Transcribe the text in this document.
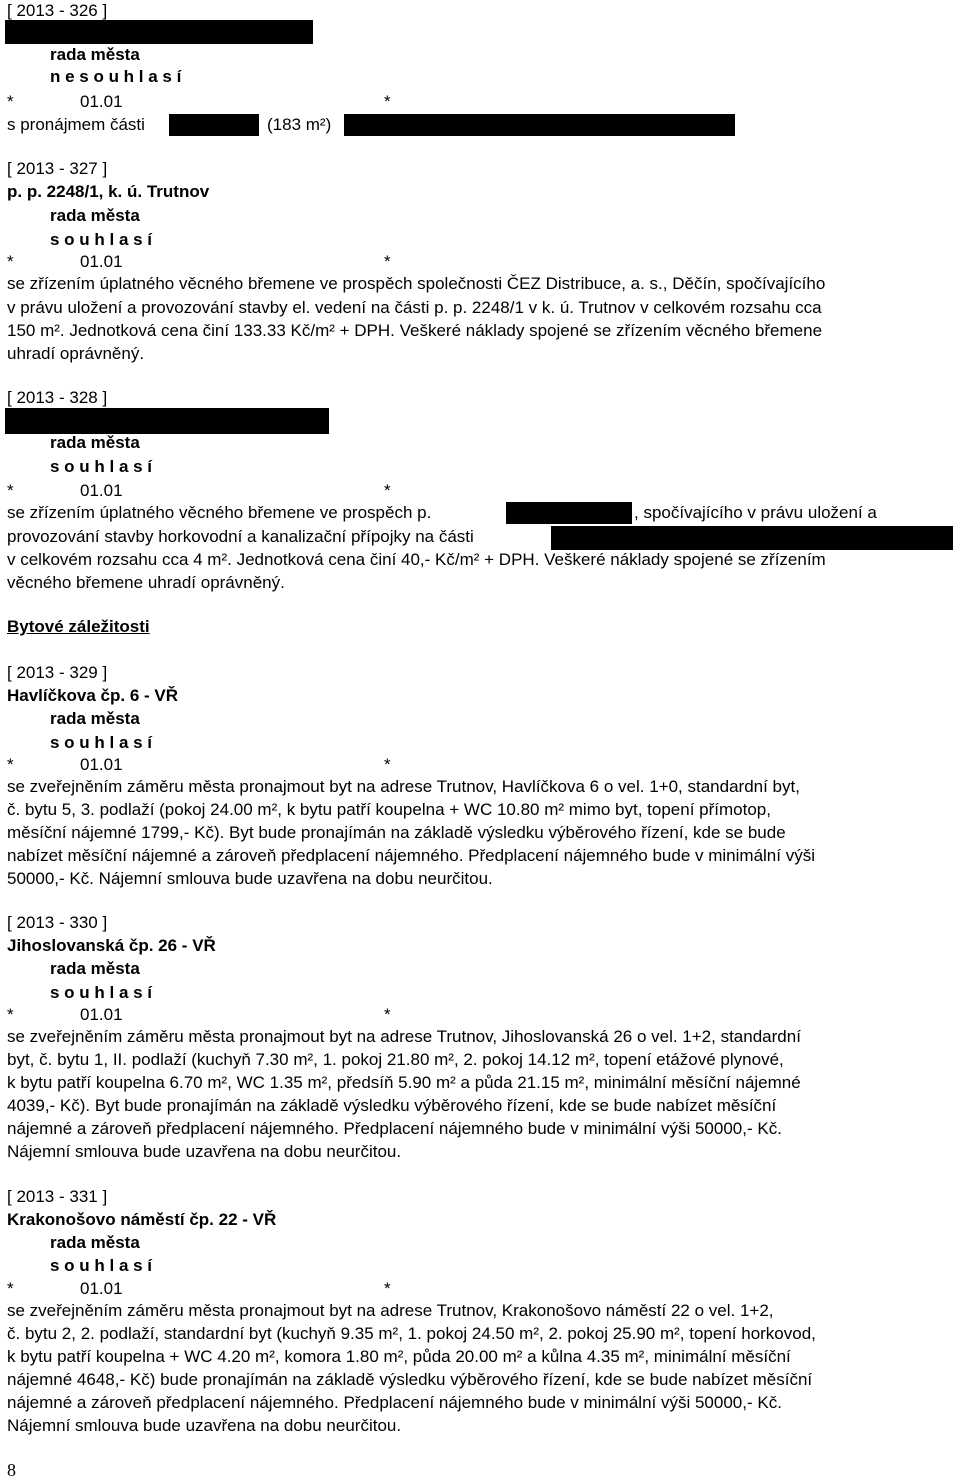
[ 2013 - 326 ]
rada města
n e s o u h l a s í
*	01.01	*
s pronájmem části	(183 m²)
[ 2013 - 327 ]
p. p. 2248/1, k. ú. Trutnov
rada města
s o u h l a s í
*	01.01	*
se zřízením úplatného věcného břemene ve prospěch společnosti ČEZ Distribuce, a. s., Děčín, spočívajícího
v právu uložení a provozování stavby el. vedení na části p. p. 2248/1 v k. ú. Trutnov v celkovém rozsahu cca
150 m². Jednotková cena činí 133.33 Kč/m² + DPH. Veškeré náklady spojené se zřízením věcného břemene
uhradí oprávněný.
[ 2013 - 328 ]
rada města
s o u h l a s í
*	01.01	*
se zřízením úplatného věcného břemene ve prospěch p.	, spočívajícího v právu uložení a
provozování stavby horkovodní a kanalizační přípojky na části
v celkovém rozsahu cca 4 m². Jednotková cena činí 40,- Kč/m² + DPH. Veškeré náklady spojené se zřízením
věcného břemene uhradí oprávněný.
Bytové záležitosti
[ 2013 - 329 ]
Havlíčkova čp. 6 - VŘ
rada města
s o u h l a s í
*	01.01	*
se zveřejněním záměru města pronajmout byt na adrese Trutnov, Havlíčkova 6 o vel. 1+0, standardní byt,
č. bytu 5, 3. podlaží (pokoj 24.00 m², k bytu patří koupelna + WC 10.80 m² mimo byt, topení přímotop,
měsíční nájemné 1799,- Kč). Byt bude pronajímán na základě výsledku výběrového řízení, kde se bude
nabízet měsíční nájemné a zároveň předplacení nájemného. Předplacení nájemného bude v minimální výši
50000,- Kč. Nájemní smlouva bude uzavřena na dobu neurčitou.
[ 2013 - 330 ]
Jihoslovanská čp. 26 - VŘ
rada města
s o u h l a s í
*	01.01	*
se zveřejněním záměru města pronajmout byt na adrese Trutnov, Jihoslovanská 26 o vel. 1+2, standardní
byt, č. bytu 1, II. podlaží (kuchyň 7.30 m², 1. pokoj 21.80 m², 2. pokoj 14.12 m², topení etážové plynové,
k bytu patří koupelna 6.70 m², WC 1.35 m², předsíň 5.90 m² a půda 21.15 m², minimální měsíční nájemné
4039,- Kč). Byt bude pronajímán na základě výsledku výběrového řízení, kde se bude nabízet měsíční
nájemné a zároveň předplacení nájemného. Předplacení nájemného bude v minimální výši 50000,- Kč.
Nájemní smlouva bude uzavřena na dobu neurčitou.
[ 2013 - 331 ]
Krakonošovo náměstí čp. 22 - VŘ
rada města
s o u h l a s í
*	01.01	*
se zveřejněním záměru města pronajmout byt na adrese Trutnov, Krakonošovo náměstí 22 o vel. 1+2,
č. bytu 2, 2. podlaží, standardní byt (kuchyň 9.35 m², 1. pokoj 24.50 m², 2. pokoj 25.90 m², topení horkovod,
k bytu patří koupelna + WC 4.20 m², komora 1.80 m², půda 20.00 m² a kůlna 4.35 m², minimální měsíční
nájemné 4648,- Kč) bude pronajímán na základě výsledku výběrového řízení, kde se bude nabízet měsíční
nájemné a zároveň předplacení nájemného. Předplacení nájemného bude v minimální výši 50000,- Kč.
Nájemní smlouva bude uzavřena na dobu neurčitou.
8
